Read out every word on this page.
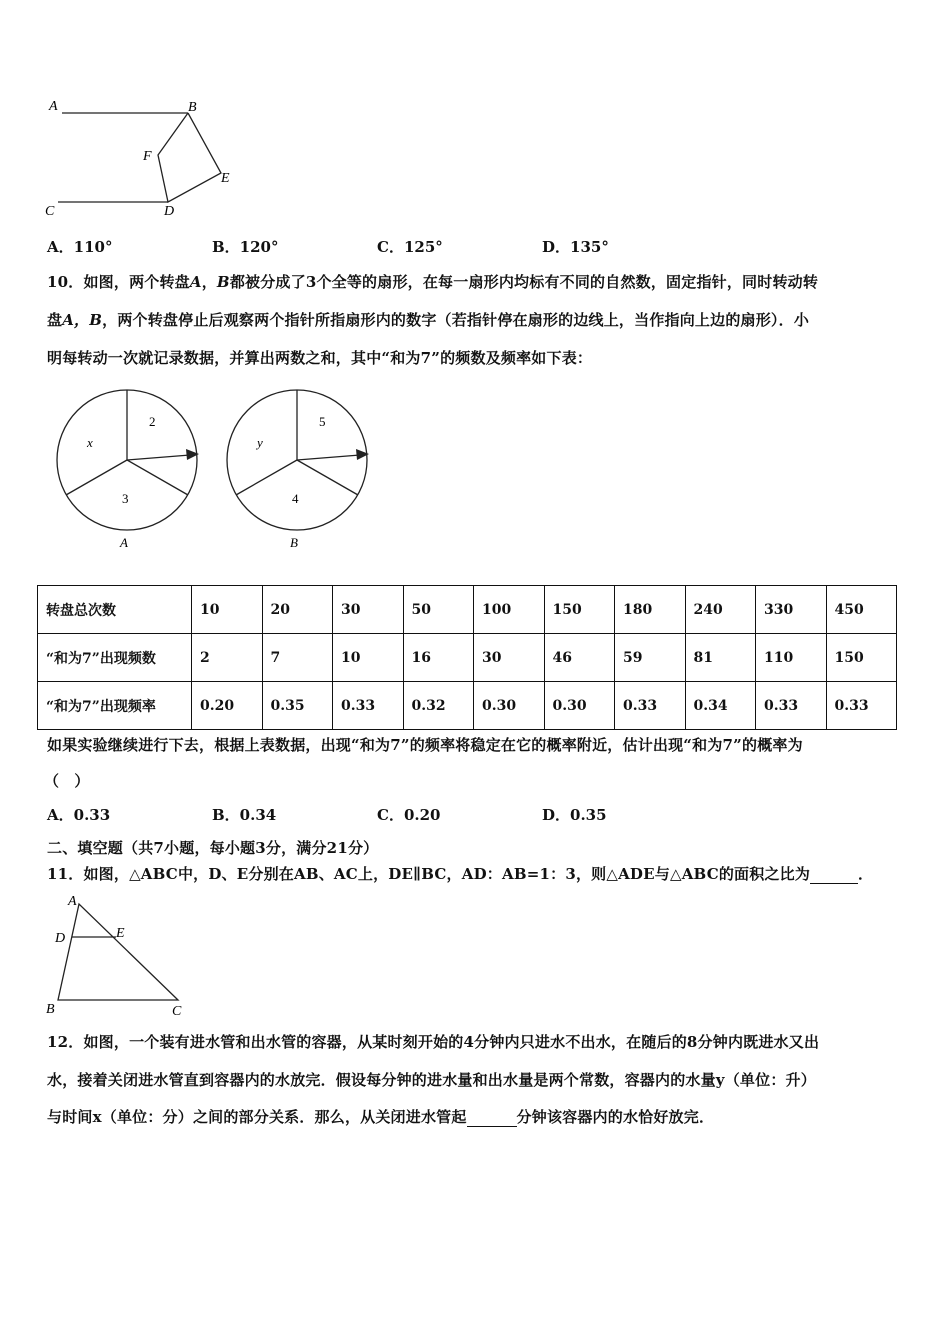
A	B
F
E
C	D
A．110°	B．120°	C．125°	D．135°
10．如图，两个转盘A，B都被分成了3个全等的扇形，在每一扇形内均标有不同的自然数，固定指针，同时转动转
盘A，B，两个转盘停止后观察两个指针所指扇形内的数字（若指针停在扇形的边线上，当作指向上边的扇形）．小
明每转动一次就记录数据，并算出两数之和，其中“和为7”的频数及频率如下表：
2
x
3
A
5
y
4
B
转盘总次数	10	20	30	50	100	150	180	240	330	450
“和为7”出现频数	2	7	10	16	30	46	59	81	110	150
“和为7”出现频率	0.20	0.35	0.33	0.32	0.30	0.30	0.33	0.34	0.33	0.33
如果实验继续进行下去，根据上表数据，出现“和为7”的频率将稳定在它的概率附近，估计出现“和为7”的概率为
（　）
A．0.33	B．0.34	C．0.20	D．0.35
二、填空题（共7小题，每小题3分，满分21分）
11．如图，△ABC中，D、E分别在AB、AC上，DE∥BC，AD：AB=1：3，则△ADE与△ABC的面积之比为	．
A
D	E
B	C
12．如图，一个装有进水管和出水管的容器，从某时刻开始的4分钟内只进水不出水，在随后的8分钟内既进水又出
水，接着关闭进水管直到容器内的水放完．假设每分钟的进水量和出水量是两个常数，容器内的水量y（单位：升）
与时间x（单位：分）之间的部分关系．那么，从关闭进水管起	分钟该容器内的水恰好放完．
